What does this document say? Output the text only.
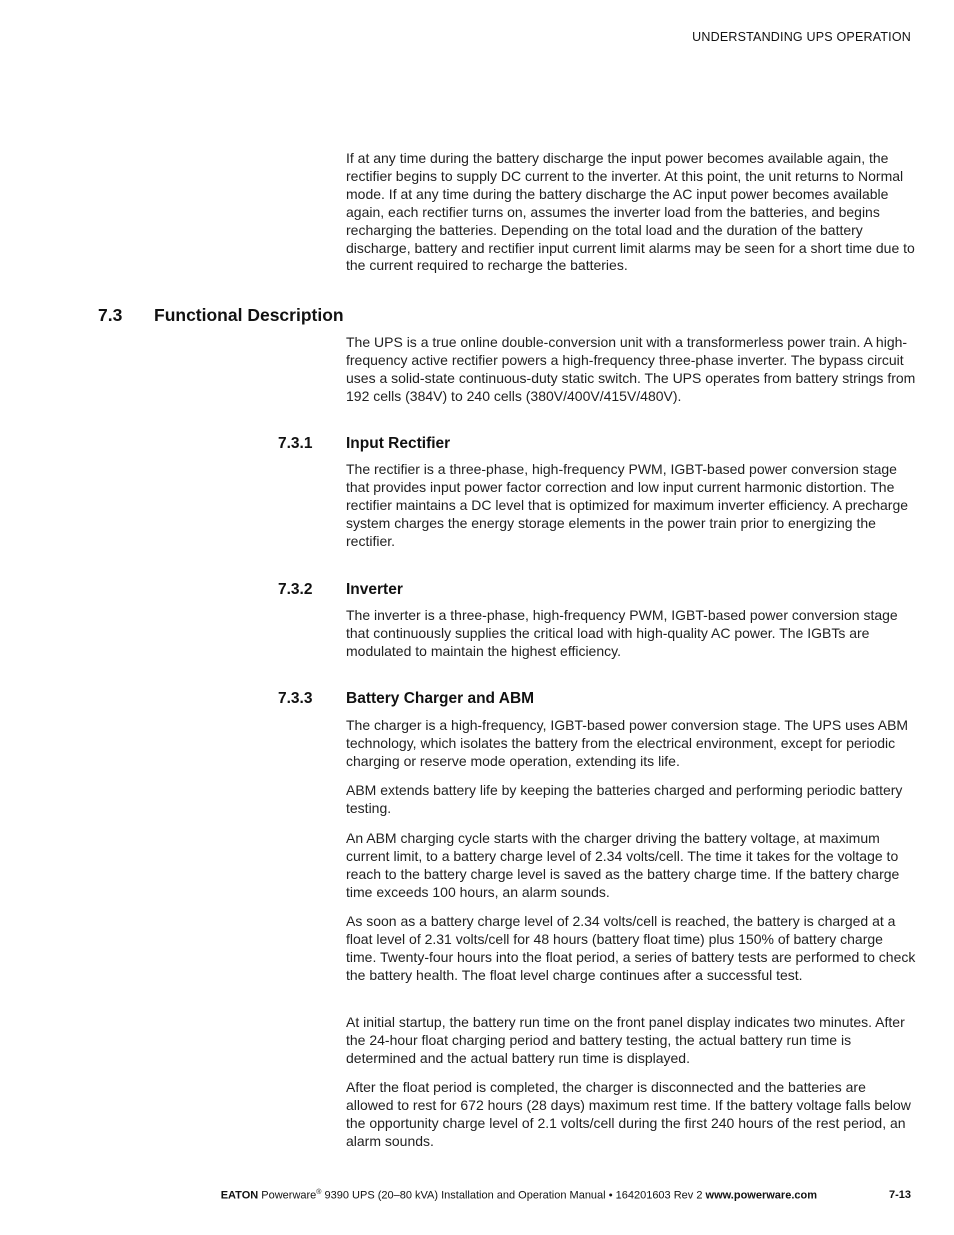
UNDERSTANDING UPS OPERATION

If at any time during the battery discharge the input power becomes available again, the rectifier begins to supply DC current to the inverter. At this point, the unit returns to Normal mode. If at any time during the battery discharge the AC input power becomes available again, each rectifier turns on, assumes the inverter load from the batteries, and begins recharging the batteries. Depending on the total load and the duration of the battery discharge, battery and rectifier input current limit alarms may be seen for a short time due to the current required to recharge the batteries.

7.3 Functional Description

The UPS is a true online double-conversion unit with a transformerless power train. A high-frequency active rectifier powers a high-frequency three-phase inverter. The bypass circuit uses a solid-state continuous-duty static switch. The UPS operates from battery strings from 192 cells (384V) to 240 cells (380V/400V/415V/480V).

7.3.1 Input Rectifier

The rectifier is a three-phase, high-frequency PWM, IGBT-based power conversion stage that provides input power factor correction and low input current harmonic distortion. The rectifier maintains a DC level that is optimized for maximum inverter efficiency. A precharge system charges the energy storage elements in the power train prior to energizing the rectifier.

7.3.2 Inverter

The inverter is a three-phase, high-frequency PWM, IGBT-based power conversion stage that continuously supplies the critical load with high-quality AC power. The IGBTs are modulated to maintain the highest efficiency.

7.3.3 Battery Charger and ABM

The charger is a high-frequency, IGBT-based power conversion stage. The UPS uses ABM technology, which isolates the battery from the electrical environment, except for periodic charging or reserve mode operation, extending its life.

ABM extends battery life by keeping the batteries charged and performing periodic battery testing.

An ABM charging cycle starts with the charger driving the battery voltage, at maximum current limit, to a battery charge level of 2.34 volts/cell. The time it takes for the voltage to reach to the battery charge level is saved as the battery charge time. If the battery charge time exceeds 100 hours, an alarm sounds.

As soon as a battery charge level of 2.34 volts/cell is reached, the battery is charged at a float level of 2.31 volts/cell for 48 hours (battery float time) plus 150% of battery charge time. Twenty-four hours into the float period, a series of battery tests are performed to check the battery health. The float level charge continues after a successful test.

At initial startup, the battery run time on the front panel display indicates two minutes. After the 24-hour float charging period and battery testing, the actual battery run time is determined and the actual battery run time is displayed.

After the float period is completed, the charger is disconnected and the batteries are allowed to rest for 672 hours (28 days) maximum rest time. If the battery voltage falls below the opportunity charge level of 2.1 volts/cell during the first 240 hours of the rest period, an alarm sounds.

EATON Powerware® 9390 UPS (20–80 kVA) Installation and Operation Manual • 164201603 Rev 2 www.powerware.com	7-13
